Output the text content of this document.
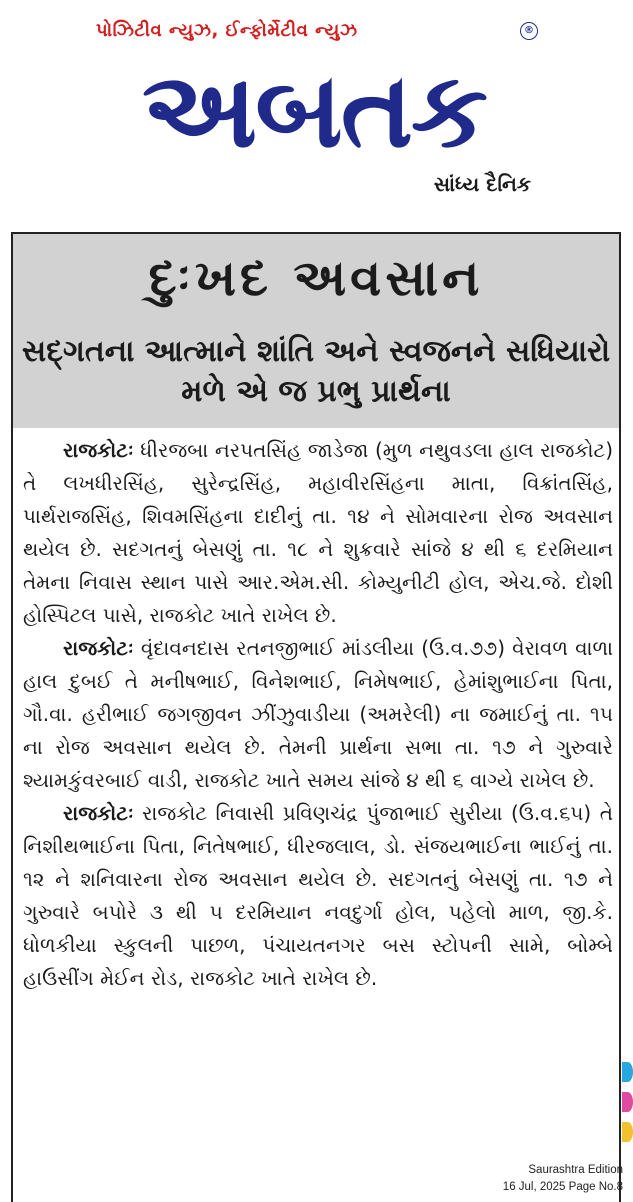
પોઝિટીવ ન્યુઝ, ઈન્ફોર્મેટીવ ન્યુઝ	®
અબતક
સાંધ્ય દૈનિક
દુઃખદ અવસાન
સદ્ગતના આત્માને શાંતિ અને સ્વજનને સધિયારો મળે એ જ પ્રભુ પ્રાર્થના

રાજકોટઃ ધીરજબા નરપતસિંહ જાડેજા (મુળ નથુવડલા હાલ રાજકોટ) તે લખધીરસિંહ, સુરેન્દ્રસિંહ, મહાવીરસિંહના માતા, વિક્રાંતસિંહ, પાર્થરાજસિંહ, શિવમસિંહના દાદીનું તા. ૧૪ ને સોમવારના રોજ અવસાન થયેલ છે. સદગતનું બેસણું તા. ૧૮ ને શુક્રવારે સાંજે ૪ થી ૬ દરમિયાન તેમના નિવાસ સ્થાન પાસે આર.એમ.સી. કોમ્યુનીટી હોલ, એચ.જે. દોશી હોસ્પિટલ પાસે, રાજકોટ ખાતે રાખેલ છે.

રાજકોટઃ વૃંદાવનદાસ રતનજીભાઈ માંડલીયા (ઉ.વ.૭૭) વેરાવળ વાળા હાલ દુબઈ તે મનીષભાઈ, વિનેશભાઈ, નિમેષભાઈ, હેમાંશુભાઈના પિતા, ગૌ.વા. હરીભાઈ જગજીવન ઝીંઝુવાડીયા (અમરેલી) ના જમાઈનું તા. ૧૫ ના રોજ અવસાન થયેલ છે. તેમની પ્રાર્થના સભા તા. ૧૭ ને ગુરુવારે શ્યામકુંવરબાઈ વાડી, રાજકોટ ખાતે સમય સાંજે ૪ થી ૬ વાગ્યે રાખેલ છે.

રાજકોટઃ રાજકોટ નિવાસી પ્રવિણચંદ્ર પુંજાભાઈ સુરીયા (ઉ.વ.૬૫) તે નિશીથભાઈના પિતા, નિતેષભાઈ, ધીરજલાલ, ડો. સંજયભાઈના ભાઈનું તા. ૧૨ ને શનિવારના રોજ અવસાન થયેલ છે. સદગતનું બેસણું તા. ૧૭ ને ગુરુવારે બપોરે ૩ થી ૫ દરમિયાન નવદુર્ગા હોલ, પહેલો માળ, જી.કે. ધોળકીયા સ્કુલની પાછળ, પંચાયતનગર બસ સ્ટોપની સામે, બોમ્બે હાઉસીંગ મેઈન રોડ, રાજકોટ ખાતે રાખેલ છે.

Saurashtra Edition
16 Jul, 2025 Page No.8
